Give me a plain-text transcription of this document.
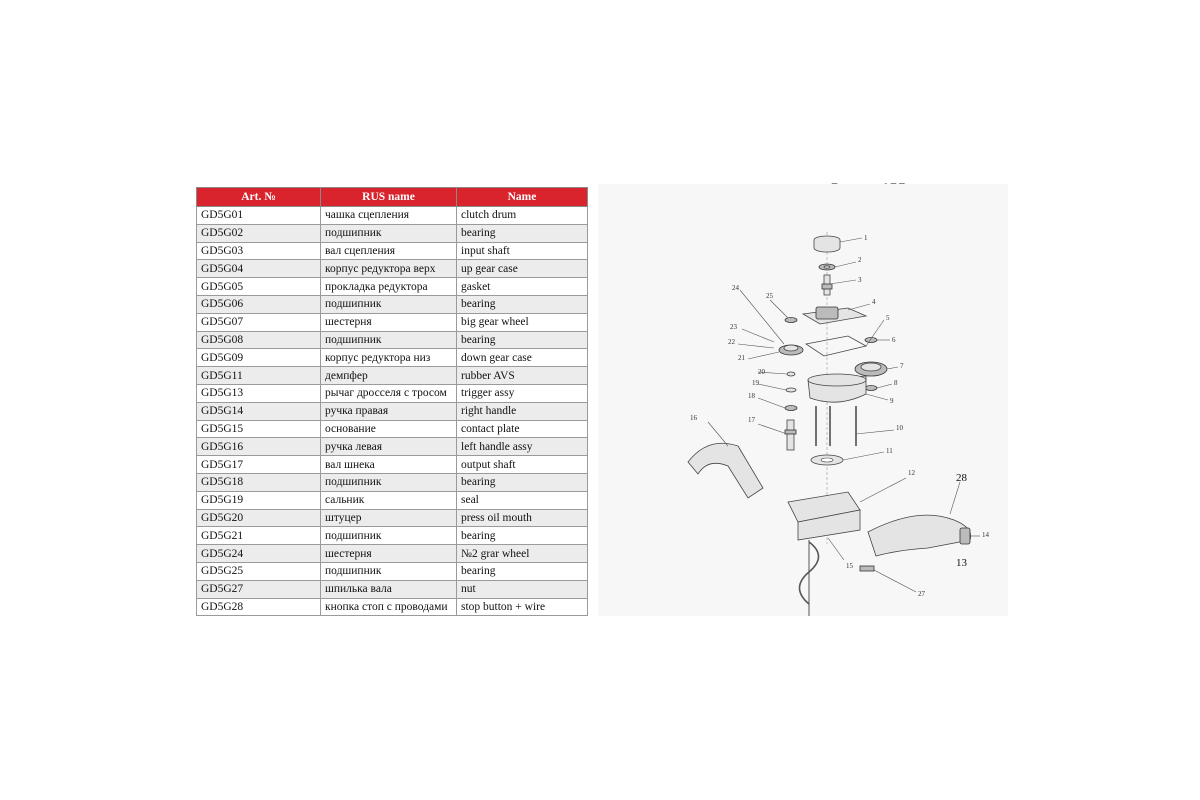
Art. №	RUS name	Name
GD5G01	чашка сцепления	clutch drum
GD5G02	подшипник	bearing
GD5G03	вал сцепления	input shaft
GD5G04	корпус редуктора верх	up gear case
GD5G05	прокладка редуктора	gasket
GD5G06	подшипник	bearing
GD5G07	шестерня	big gear wheel
GD5G08	подшипник	bearing
GD5G09	корпус редуктора низ	down gear case
GD5G11	демпфер	rubber AVS
GD5G13	рычаг дросселя с тросом	trigger assy
GD5G14	ручка правая	right handle
GD5G15	основание	contact plate
GD5G16	ручка левая	left handle assy
GD5G17	вал шнека	output shaft
GD5G18	подшипник	bearing
GD5G19	сальник	seal
GD5G20	штуцер	press oil mouth
GD5G21	подшипник	bearing
GD5G24	шестерня	№2 grar wheel
GD5G25	подшипник	bearing
GD5G27	шпилька вала	nut
GD5G28	кнопка стоп с проводами	stop button + wire
1
2
3
4
5
6
7
8
9
10
11
12
13
14
15
16	17
18
19
20
21
22
23
24
25
27
28
